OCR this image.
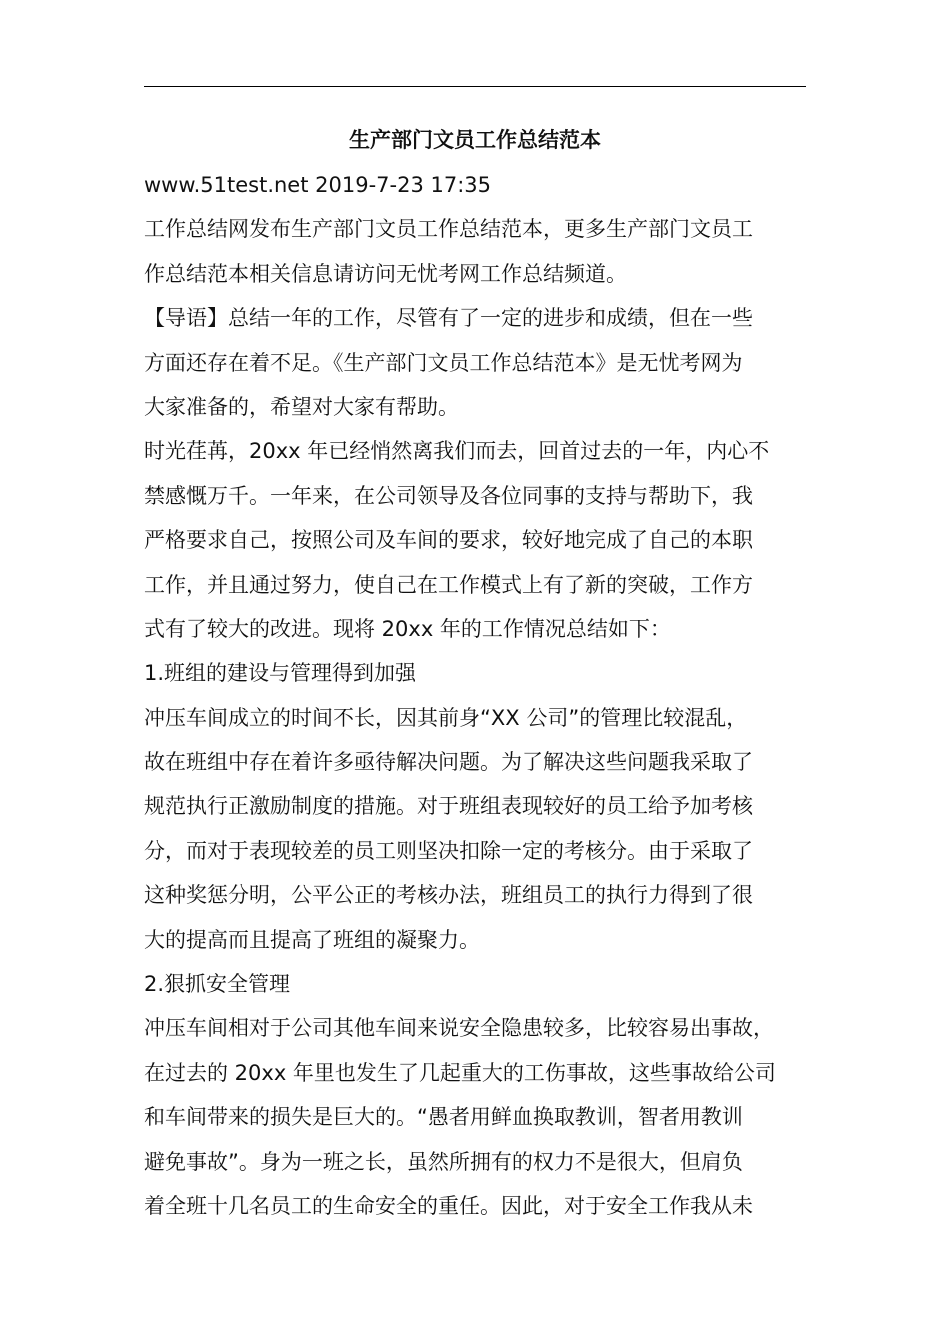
生产部门文员工作总结范本
www.51test.net 2019-7-23 17:35
工作总结网发布生产部门文员工作总结范本，更多生产部门文员工
作总结范本相关信息请访问无忧考网工作总结频道。
【导语】总结一年的工作，尽管有了一定的进步和成绩，但在一些
方面还存在着不足。《生产部门文员工作总结范本》是无忧考网为
大家准备的，希望对大家有帮助。
时光荏苒，20xx 年已经悄然离我们而去，回首过去的一年，内心不
禁感慨万千。一年来，在公司领导及各位同事的支持与帮助下，我
严格要求自己，按照公司及车间的要求，较好地完成了自己的本职
工作，并且通过努力，使自己在工作模式上有了新的突破，工作方
式有了较大的改进。现将 20xx 年的工作情况总结如下：
1.班组的建设与管理得到加强
冲压车间成立的时间不长，因其前身“XX 公司”的管理比较混乱，
故在班组中存在着许多亟待解决问题。为了解决这些问题我采取了
规范执行正激励制度的措施。对于班组表现较好的员工给予加考核
分，而对于表现较差的员工则坚决扣除一定的考核分。由于采取了
这种奖惩分明，公平公正的考核办法，班组员工的执行力得到了很
大的提高而且提高了班组的凝聚力。
2.狠抓安全管理
冲压车间相对于公司其他车间来说安全隐患较多，比较容易出事故，
在过去的 20xx 年里也发生了几起重大的工伤事故，这些事故给公司
和车间带来的损失是巨大的。“愚者用鲜血换取教训，智者用教训
避免事故”。身为一班之长，虽然所拥有的权力不是很大，但肩负
着全班十几名员工的生命安全的重任。因此，对于安全工作我从未
